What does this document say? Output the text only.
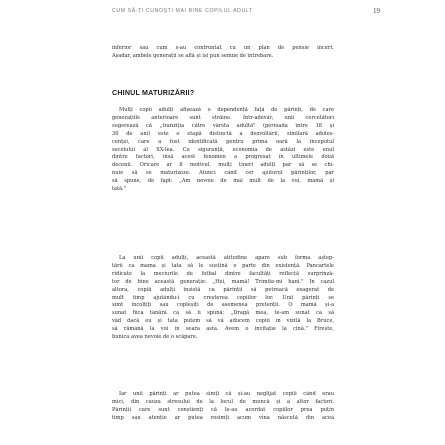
CUM SĂ-ȚI CUNOȘTI MAI BINE COPILUL ADULT	19
inferior sau cum s-au confruntat cu un plan de pensie incert.
Așadar, ambele generații se află și își pun semne de întrebare.
CHINUL MATURIZĂRII?
Mulți copii adulți afișează o dependență față de părinți, de care
generațiile anterioare sunt străine. Într-adevăr, unii cercetători
sugerează că „tranziția către vârsta adultă" (perioada între 18 și
30 de ani) este o etapă distinctă a dezvoltării, similară adoles-
cenței, care a fost identificată pentru prima oară la începutul
secolului al XX-lea. Cu siguranță, economia de astăzi este unul
dintre factori, însă acest fenomen a progresat în ultimele două
decenii. Oricare ar fi motivul, mulți tineri adulți par să se chi-
nuie să se maturizeze. Atunci când cer ajutorul părinților, par
să spune, de fapt: „Am nevoie de mai mult de la voi, mamă și
tată."
La unii copii adulți, această atitudine apare sub forma aștep-
tării ca mama și tata să le susțină o parte din existență. Pancartele
ridicate la meciurile de fotbal dintre facultăți reflectă surprinză-
tor de bine această generație: „Hei, mamă! Trimite-mi bani." În cazul
altora, copiii adulți insistă ca părinții să petreacă exagerat de
mult timp ajutându-i cu creșterea copiilor lor. Unii părinți se
simt încolțiți sau copleșiți de asemenea pretenții. O mamă și-a
sunat fiica tânără ca să îi spună: „Dragă mea, te-am sunat ca să
văd dacă eu și tata putem să vă aducem copiii în vizită la Bruce,
să rămână la voi în seara asta. Avem o invitație la cină." Firește,
bunica avea nevoie de o scăpare.
Iar unii părinți ar putea simți că și-au neglijat copiii când erau
mici, din cauza stresului de la locul de muncă și a altor factori.
Părinții care sunt conștienți că le-au acordat copiilor prea puțin
timp sau atenție ar putea resimți acum vina născută din acea
